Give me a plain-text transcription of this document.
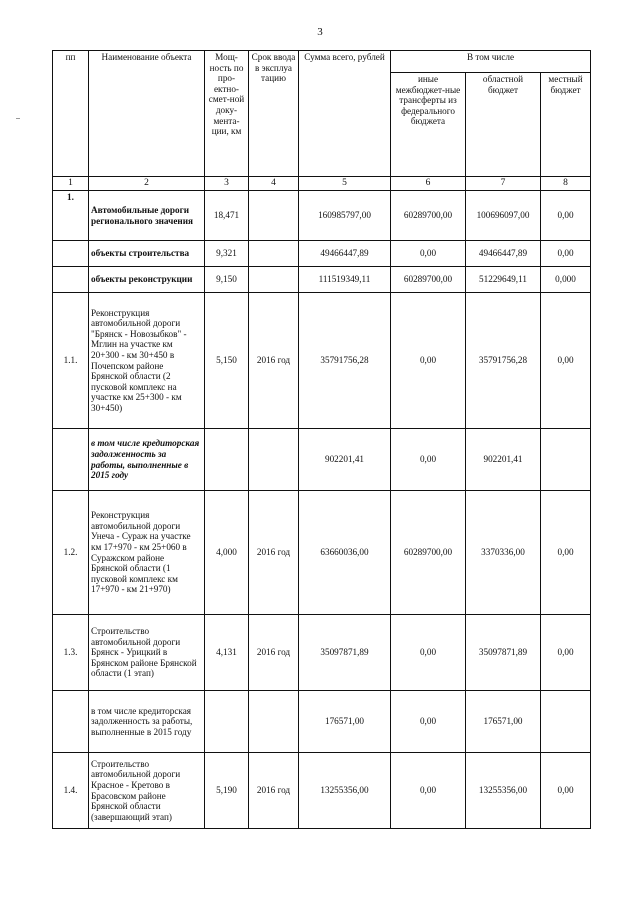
3
пп	Наименование объекта	Мощ-ность по про-ектно-смет-ной доку-мента-ции, км	Срок ввода в эксплуа тацию	Сумма всего, рублей	В том числе		
					иные межбюджет-ные трансферты из федерального бюджета	областной бюджет	местный бюджет
1	2	3	4	5	6	7	8
1.	Автомобильные дороги регионального значения	18,471		160985797,00	60289700,00	100696097,00	0,00
	объекты строительства	9,321		49466447,89	0,00	49466447,89	0,00
	объекты реконструкции	9,150		111519349,11	60289700,00	51229649,11	0,000
1.1.	Реконструкция автомобильной дороги "Брянск - Новозыбков" - Мглин на участке км 20+300 - км 30+450 в Почепском районе Брянской области (2 пусковой комплекс на участке км 25+300 - км 30+450)	5,150	2016 год	35791756,28	0,00	35791756,28	0,00
	в том числе кредиторская задолженность за работы, выполненные в 2015 году			902201,41	0,00	902201,41	
1.2.	Реконструкция автомобильной дороги Унеча - Сураж на участке км 17+970 - км 25+060 в Суражском районе Брянской области (1 пусковой комплекс км 17+970 - км 21+970)	4,000	2016 год	63660036,00	60289700,00	3370336,00	0,00
1.3.	Строительство автомобильной дороги Брянск - Урицкий в Брянском районе Брянской области (1 этап)	4,131	2016 год	35097871,89	0,00	35097871,89	0,00
	в том числе кредиторская задолженность за работы, выполненные в 2015 году			176571,00	0,00	176571,00	
1.4.	Строительство автомобильной дороги Красное - Кретово в Брасовском районе Брянской области (завершающий этап)	5,190	2016 год	13255356,00	0,00	13255356,00	0,00
